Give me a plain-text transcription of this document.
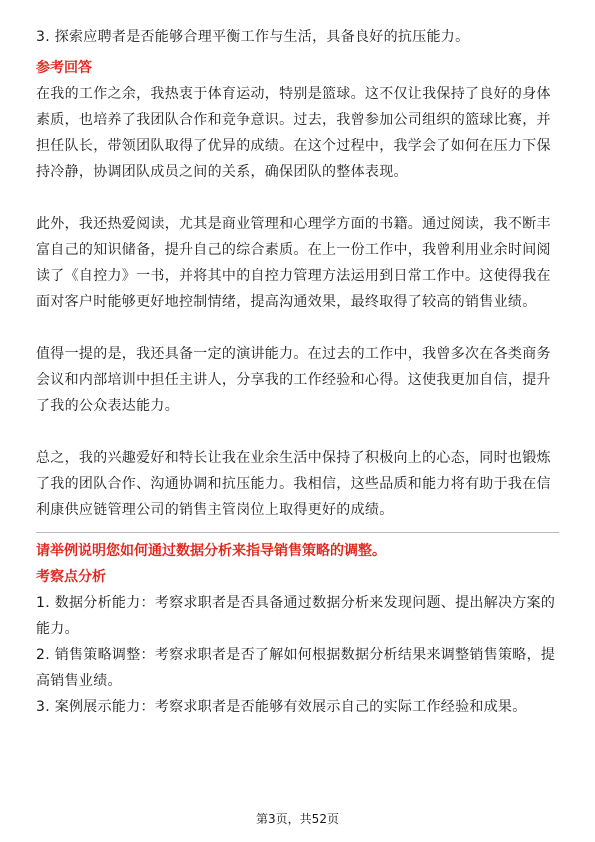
3. 探索应聘者是否能够合理平衡工作与生活，具备良好的抗压能力。
参考回答
在我的工作之余，我热衷于体育运动，特别是篮球。这不仅让我保持了良好的身体
素质，也培养了我团队合作和竞争意识。过去，我曾参加公司组织的篮球比赛，并
担任队长，带领团队取得了优异的成绩。在这个过程中，我学会了如何在压力下保
持冷静，协调团队成员之间的关系，确保团队的整体表现。
此外，我还热爱阅读，尤其是商业管理和心理学方面的书籍。通过阅读，我不断丰
富自己的知识储备，提升自己的综合素质。在上一份工作中，我曾利用业余时间阅
读了《自控力》一书，并将其中的自控力管理方法运用到日常工作中。这使得我在
面对客户时能够更好地控制情绪，提高沟通效果，最终取得了较高的销售业绩。
值得一提的是，我还具备一定的演讲能力。在过去的工作中，我曾多次在各类商务
会议和内部培训中担任主讲人，分享我的工作经验和心得。这使我更加自信，提升
了我的公众表达能力。
总之，我的兴趣爱好和特长让我在业余生活中保持了积极向上的心态，同时也锻炼
了我的团队合作、沟通协调和抗压能力。我相信，这些品质和能力将有助于我在信
利康供应链管理公司的销售主管岗位上取得更好的成绩。
请举例说明您如何通过数据分析来指导销售策略的调整。
考察点分析
1. 数据分析能力：考察求职者是否具备通过数据分析来发现问题、提出解决方案的
能力。
2. 销售策略调整：考察求职者是否了解如何根据数据分析结果来调整销售策略，提
高销售业绩。
3. 案例展示能力：考察求职者是否能够有效展示自己的实际工作经验和成果。
第3页，共52页
